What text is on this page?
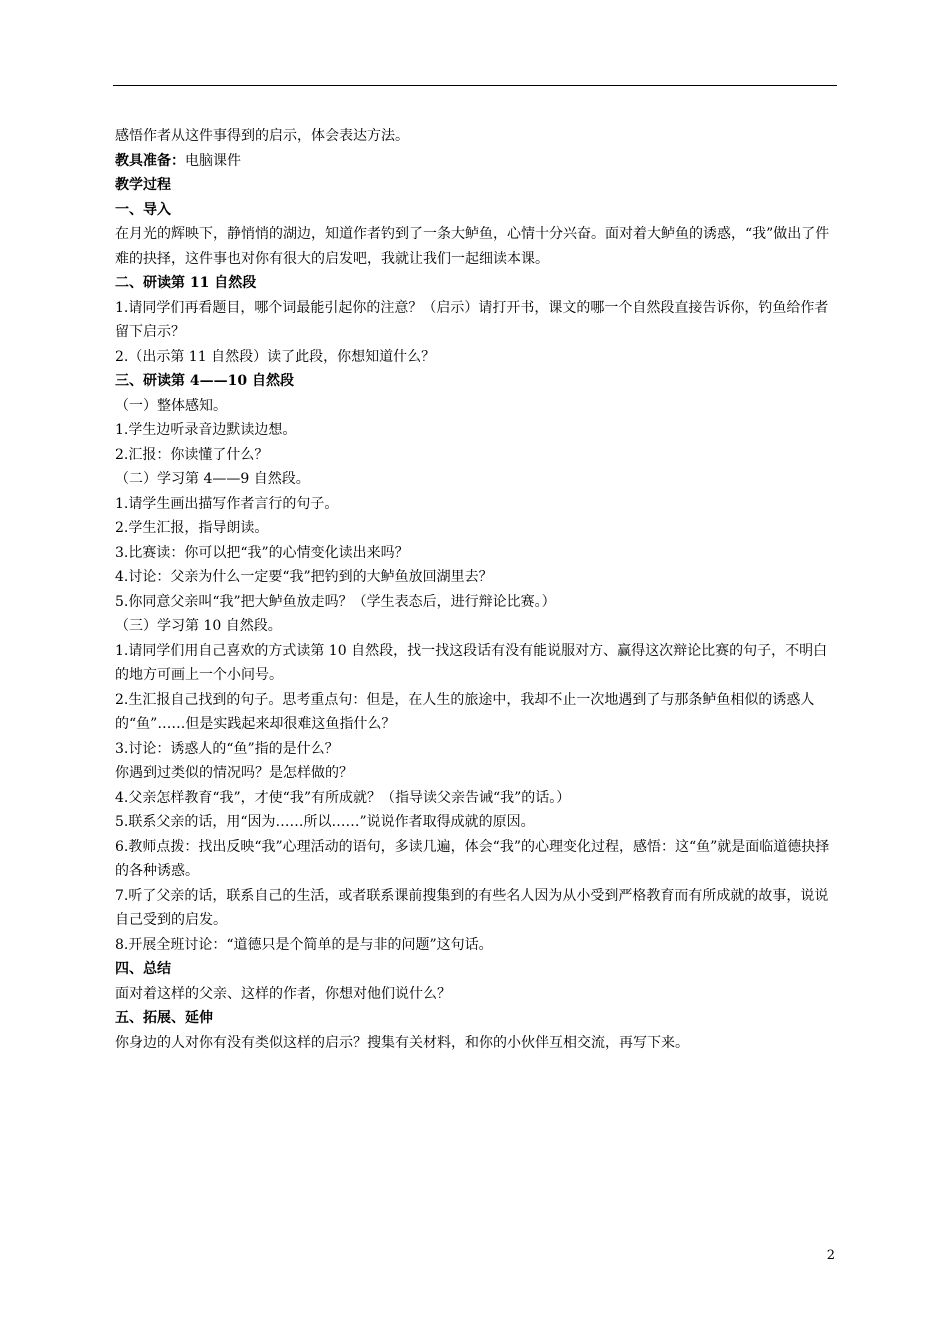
感悟作者从这件事得到的启示，体会表达方法。
教具准备：电脑课件
教学过程
一、导入
在月光的辉映下，静悄悄的湖边，知道作者钓到了一条大鲈鱼，心情十分兴奋。面对着大鲈鱼的诱惑，“我”做出了件难的抉择，这件事也对你有很大的启发吧，我就让我们一起细读本课。
二、研读第 11 自然段
1.请同学们再看题目，哪个词最能引起你的注意？（启示）请打开书，课文的哪一个自然段直接告诉你，钓鱼给作者留下启示？
2.（出示第 11 自然段）读了此段，你想知道什么？
三、研读第 4——10 自然段
（一）整体感知。
1.学生边听录音边默读边想。
2.汇报：你读懂了什么？
（二）学习第 4——9 自然段。
1.请学生画出描写作者言行的句子。
2.学生汇报，指导朗读。
3.比赛读：你可以把“我”的心情变化读出来吗？
4.讨论：父亲为什么一定要“我”把钓到的大鲈鱼放回湖里去？
5.你同意父亲叫“我”把大鲈鱼放走吗？（学生表态后，进行辩论比赛。）
（三）学习第 10 自然段。
1.请同学们用自己喜欢的方式读第 10 自然段，找一找这段话有没有能说服对方、赢得这次辩论比赛的句子，不明白的地方可画上一个小问号。
2.生汇报自己找到的句子。思考重点句：但是，在人生的旅途中，我却不止一次地遇到了与那条鲈鱼相似的诱惑人的“鱼”……但是实践起来却很难这鱼指什么？
3.讨论：诱惑人的“鱼”指的是什么？
你遇到过类似的情况吗？是怎样做的？
4.父亲怎样教育“我”，才使“我”有所成就？（指导读父亲告诫“我”的话。）
5.联系父亲的话，用“因为……所以……”说说作者取得成就的原因。
6.教师点拨：找出反映“我”心理活动的语句，多读几遍，体会“我”的心理变化过程，感悟：这“鱼”就是面临道德抉择的各种诱惑。
7.听了父亲的话，联系自己的生活，或者联系课前搜集到的有些名人因为从小受到严格教育而有所成就的故事，说说自己受到的启发。
8.开展全班讨论：“道德只是个简单的是与非的问题”这句话。
四、总结
面对着这样的父亲、这样的作者，你想对他们说什么？
五、拓展、延伸
你身边的人对你有没有类似这样的启示？搜集有关材料，和你的小伙伴互相交流，再写下来。
2
